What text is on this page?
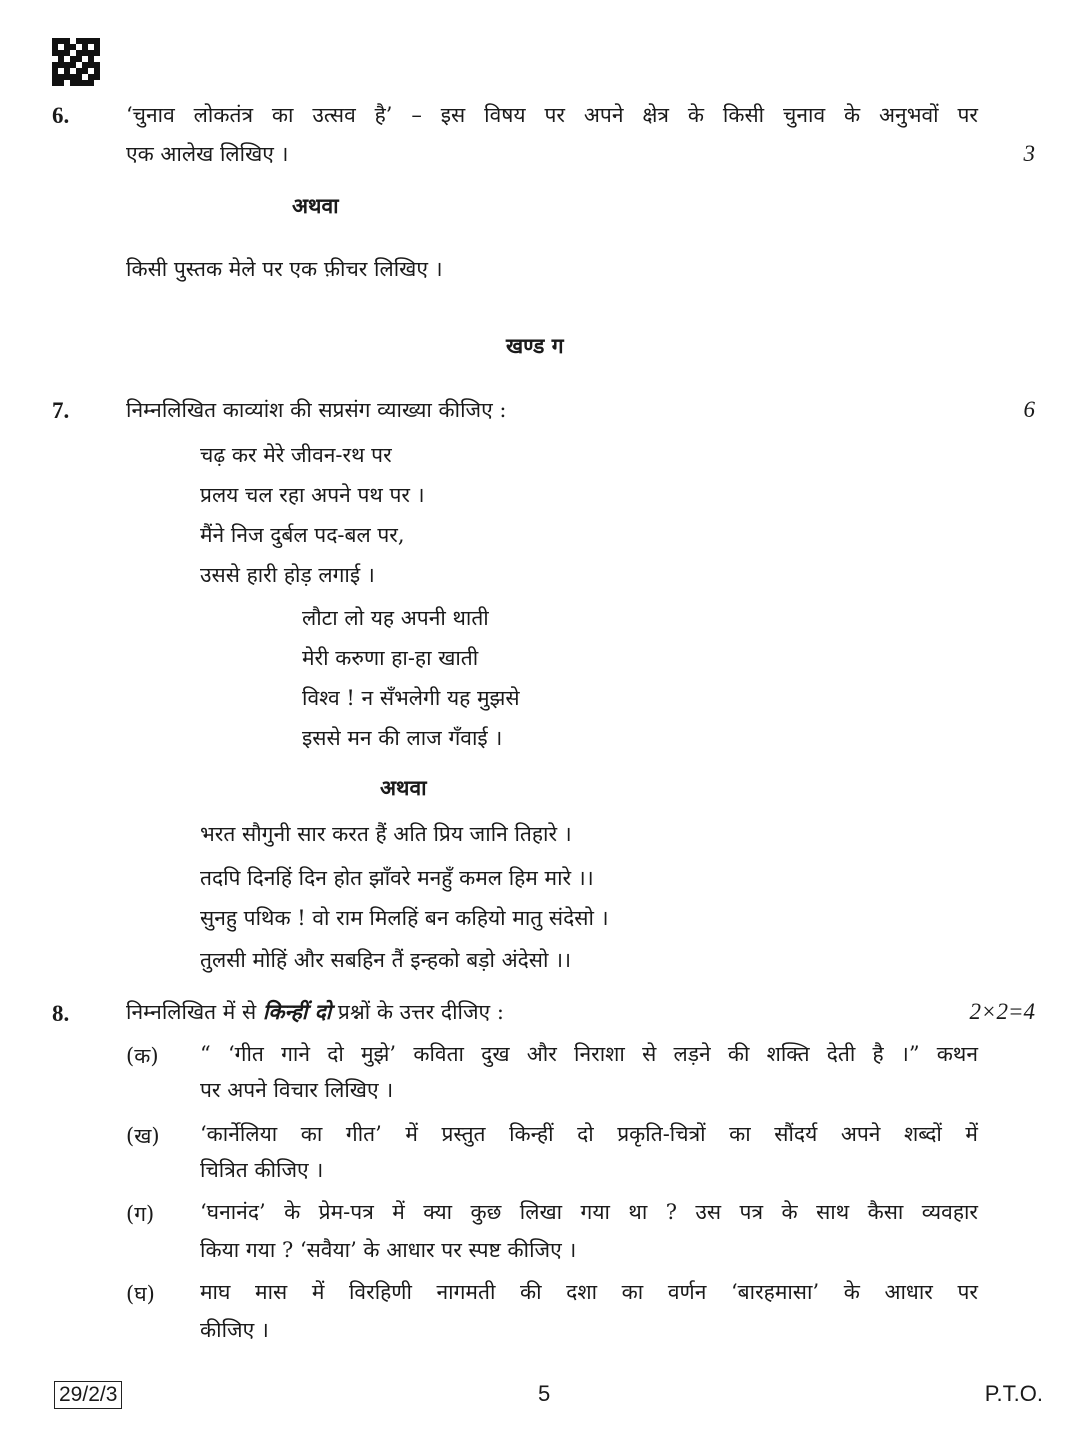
6.	‘चुनाव लोकतंत्र का उत्सव है’ – इस विषय पर अपने क्षेत्र के किसी चुनाव के अनुभवों पर
एक आलेख लिखिए ।	3
अथवा
किसी पुस्तक मेले पर एक फ़ीचर लिखिए ।
खण्ड ग
7.	निम्नलिखित काव्यांश की सप्रसंग व्याख्या कीजिए :	6
चढ़ कर मेरे जीवन-रथ पर
प्रलय चल रहा अपने पथ पर ।
मैंने निज दुर्बल पद-बल पर,
उससे हारी होड़ लगाई ।
लौटा लो यह अपनी थाती
मेरी करुणा हा-हा खाती
विश्व ! न सँभलेगी यह मुझसे
इससे मन की लाज गँवाई ।
अथवा
भरत सौगुनी सार करत हैं अति प्रिय जानि तिहारे ।
तदपि दिनहिं दिन होत झाँवरे मनहुँ कमल हिम मारे ।।
सुनहु पथिक ! वो राम मिलहिं बन कहियो मातु संदेसो ।
तुलसी मोहिं और सबहिन तैं इन्हको बड़ो अंदेसो ।।
8.	निम्नलिखित में से किन्हीं दो प्रश्नों के उत्तर दीजिए :	2×2=4
(क) “ ‘गीत गाने दो मुझे’ कविता दुख और निराशा से लड़ने की शक्ति देती है ।” कथन
पर अपने विचार लिखिए ।
(ख) ‘कार्नेलिया का गीत’ में प्रस्तुत किन्हीं दो प्रकृति-चित्रों का सौंदर्य अपने शब्दों में
चित्रित कीजिए ।
(ग) ‘घनानंद’ के प्रेम-पत्र में क्या कुछ लिखा गया था ? उस पत्र के साथ कैसा व्यवहार
किया गया ? ‘सवैया’ के आधार पर स्पष्ट कीजिए ।
(घ) माघ मास में विरहिणी नागमती की दशा का वर्णन ‘बारहमासा’ के आधार पर
कीजिए ।
29/2/3	5	P.T.O.
